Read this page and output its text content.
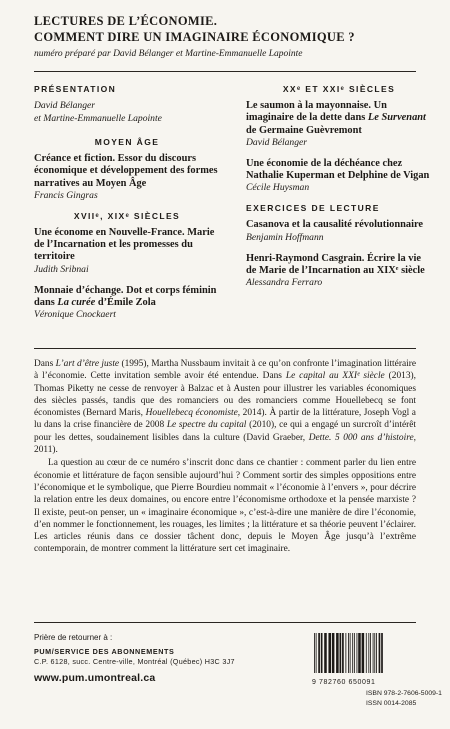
LECTURES DE L’ÉCONOMIE.
COMMENT DIRE UN IMAGINAIRE ÉCONOMIQUE ?
numéro préparé par David Bélanger et Martine-Emmanuelle Lapointe
PRÉSENTATION
David Bélanger
et Martine-Emmanuelle Lapointe
MOYEN ÂGE
Créance et fiction. Essor du discours économique et développement des formes narratives au Moyen Âge
Francis Gingras
XVIIᵉ, XIXᵉ SIÈCLES
Une économe en Nouvelle-France. Marie de l’Incarnation et les promesses du territoire
Judith Sribnai
Monnaie d’échange. Dot et corps féminin dans La curée d’Émile Zola
Véronique Cnockaert
XXᵉ ET XXIᵉ SIÈCLES
Le saumon à la mayonnaise. Un imaginaire de la dette dans Le Survenant de Germaine Guèvremont
David Bélanger
Une économie de la déchéance chez Nathalie Kuperman et Delphine de Vigan
Cécile Huysman
EXERCICES DE LECTURE
Casanova et la causalité révolutionnaire
Benjamin Hoffmann
Henri-Raymond Casgrain. Écrire la vie de Marie de l’Incarnation au XIXᵉ siècle
Alessandra Ferraro

Dans L’art d’être juste (1995), Martha Nussbaum invitait à ce qu’on confronte l’imagination littéraire à l’économie. Cette invitation semble avoir été entendue. Dans Le capital au XXIᵉ siècle (2013), Thomas Piketty ne cesse de renvoyer à Balzac et à Austen pour illustrer les variables économiques des siècles passés, tandis que des romanciers ou des romanciers comme Houellebecq se font économistes (Bernard Maris, Houellebecq économiste, 2014). À partir de la littérature, Joseph Vogl a lu dans la crise financière de 2008 Le spectre du capital (2010), ce qui a engagé un surcroît d’intérêt pour les dettes, soudainement lisibles dans la culture (David Graeber, Dette. 5 000 ans d’histoire, 2011).

La question au cœur de ce numéro s’inscrit donc dans ce chantier : comment parler du lien entre économie et littérature de façon sensible aujourd’hui ? Comment sortir des simples oppositions entre l’économique et le symbolique, que Pierre Bourdieu nommait « l’économie à l’envers », pour décrire la relation entre les deux domaines, ou encore entre l’économisme orthodoxe et la pensée marxiste ? Il existe, peut-on penser, un « imaginaire économique », c’est-à-dire une manière de dire l’économie, d’en nommer le fonctionnement, les rouages, les limites ; la littérature et sa théorie peuvent l’éclairer. Les articles réunis dans ce dossier tâchent donc, depuis le Moyen Âge jusqu’à l’extrême contemporain, de montrer comment la littérature sert cet imaginaire.

Prière de retourner à :
PUM/SERVICE DES ABONNEMENTS
C.P. 6128, succ. Centre-ville, Montréal (Québec) H3C 3J7
www.pum.umontreal.ca	9 782760 650091
ISBN 978-2-7606-5009-1
ISSN 0014-2085
